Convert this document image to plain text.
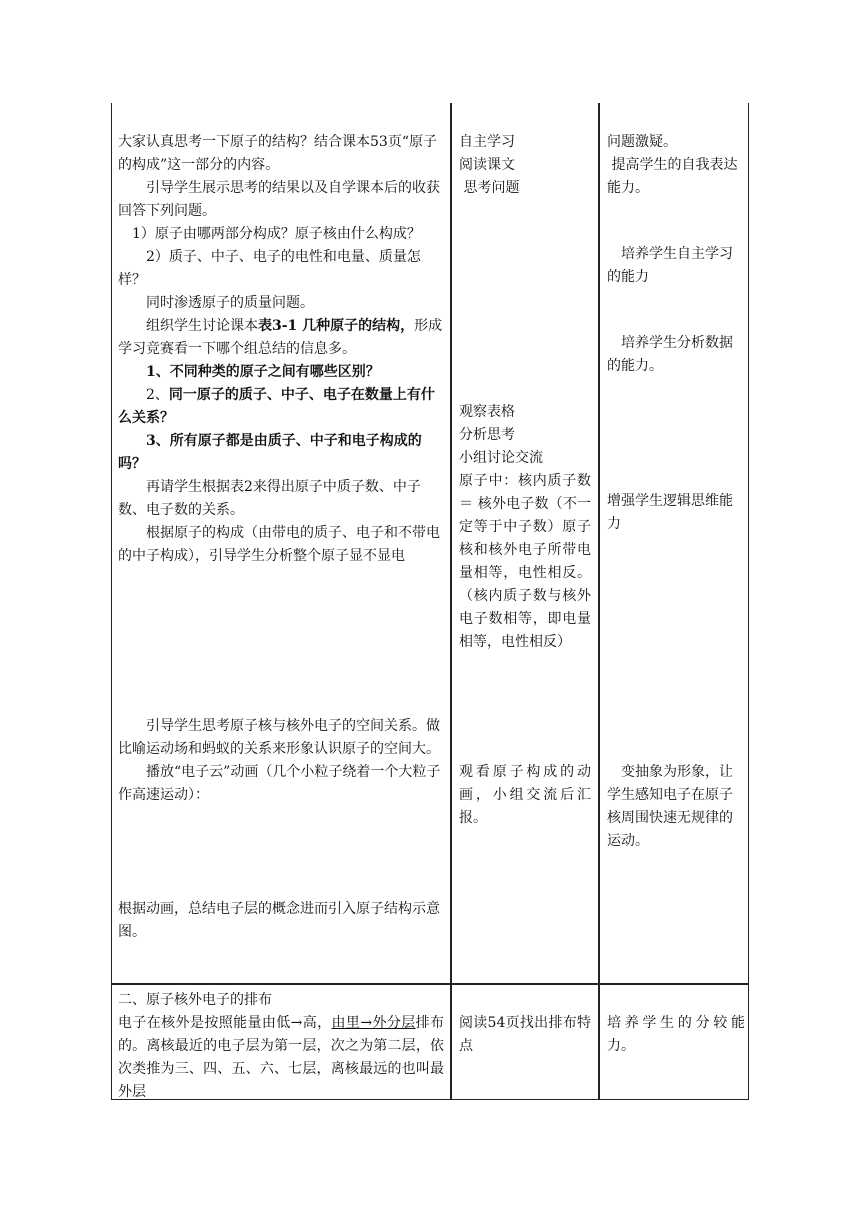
大家认真思考一下原子的结构？结合课本53页“原子的构成”这一部分的内容。

引导学生展示思考的结果以及自学课本后的收获回答下列问题。

1）原子由哪两部分构成？原子核由什么构成？

2）质子、中子、电子的电性和电量、质量怎样？

同时渗透原子的质量问题。

组织学生讨论课本表3-1 几种原子的结构，形成学习竞赛看一下哪个组总结的信息多。

1、不同种类的原子之间有哪些区别？

2、同一原子的质子、中子、电子在数量上有什么关系？

3、所有原子都是由质子、中子和电子构成的吗？

再请学生根据表2来得出原子中质子数、中子数、电子数的关系。

根据原子的构成（由带电的质子、电子和不带电的中子构成），引导学生分析整个原子显不显电

引导学生思考原子核与核外电子的空间关系。做比喻运动场和蚂蚁的关系来形象认识原子的空间大。

播放“电子云”动画（几个小粒子绕着一个大粒子作高速运动）：

根据动画，总结电子层的概念进而引入原子结构示意图。

自主学习

阅读课文

思考问题

观察表格

分析思考

小组讨论交流

原子中：核内质子数 ＝ 核外电子数（不一定等于中子数）原子核和核外电子所带电量相等，电性相反。（核内质子数与核外电子数相等，即电量相等，电性相反）

观看原子构成的动画，小组交流后汇报。

问题激疑。

提高学生的自我表达能力。

培养学生自主学习的能力

培养学生分析数据的能力。

增强学生逻辑思维能力

变抽象为形象，让学生感知电子在原子核周围快速无规律的运动。

二、原子核外电子的排布

电子在核外是按照能量由低→高，由里→外分层排布的。离核最近的电子层为第一层，次之为第二层，依次类推为三、四、五、六、七层，离核最远的也叫最外层

阅读54页找出排布特点

培养学生的分较能力。
